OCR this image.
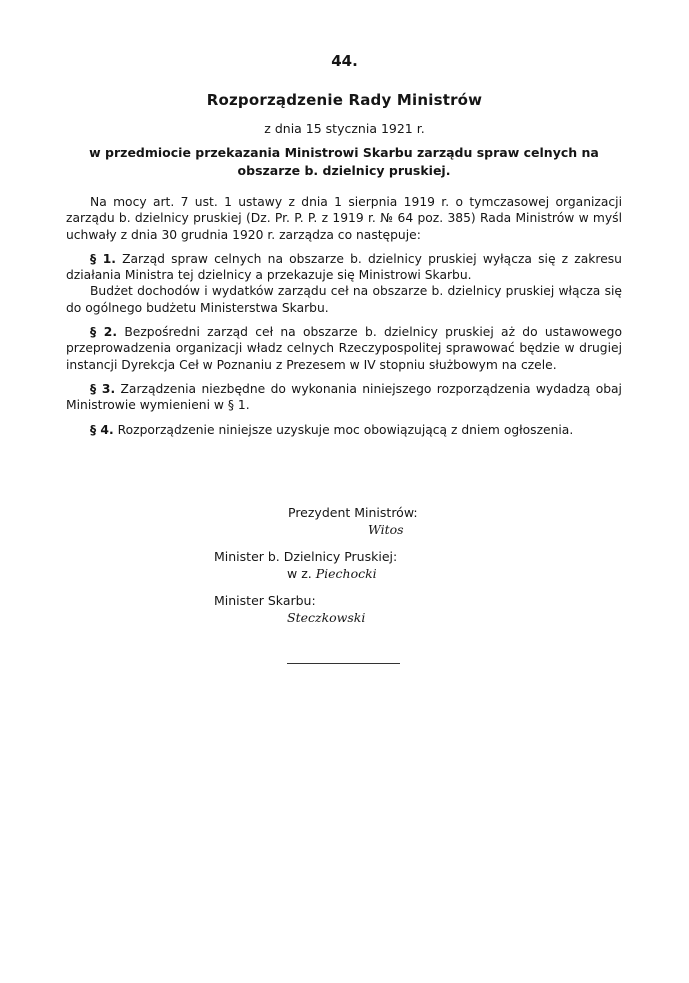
44.
Rozporządzenie Rady Ministrów
z dnia 15 stycznia 1921 r.
w przedmiocie przekazania Ministrowi Skarbu zarządu spraw celnych na obszarze b. dzielnicy pruskiej.

Na mocy art. 7 ust. 1 ustawy z dnia 1 sierpnia 1919 r. o tymczasowej organizacji zarządu b. dzielnicy pruskiej (Dz. Pr. P. P. z 1919 r. № 64 poz. 385) Rada Ministrów w myśl uchwały z dnia 30 grudnia 1920 r. zarządza co następuje:

§ 1. Zarząd spraw celnych na obszarze b. dzielnicy pruskiej wyłącza się z zakresu działania Ministra tej dzielnicy a przekazuje się Ministrowi Skarbu.

Budżet dochodów i wydatków zarządu ceł na obszarze b. dzielnicy pruskiej włącza się do ogólnego budżetu Ministerstwa Skarbu.

§ 2. Bezpośredni zarząd ceł na obszarze b. dzielnicy pruskiej aż do ustawowego przeprowadzenia organizacji władz celnych Rzeczypospolitej sprawować będzie w drugiej instancji Dyrekcja Ceł w Poznaniu z Prezesem w IV stopniu służbowym na czele.

§ 3. Zarządzenia niezbędne do wykonania niniejszego rozporządzenia wydadzą obaj Ministrowie wymienieni w § 1.

§ 4. Rozporządzenie niniejsze uzyskuje moc obowiązującą z dniem ogłoszenia.

Prezydent Ministrów:
Witos
Minister b. Dzielnicy Pruskiej:
w z. Piechocki
Minister Skarbu:
Steczkowski
